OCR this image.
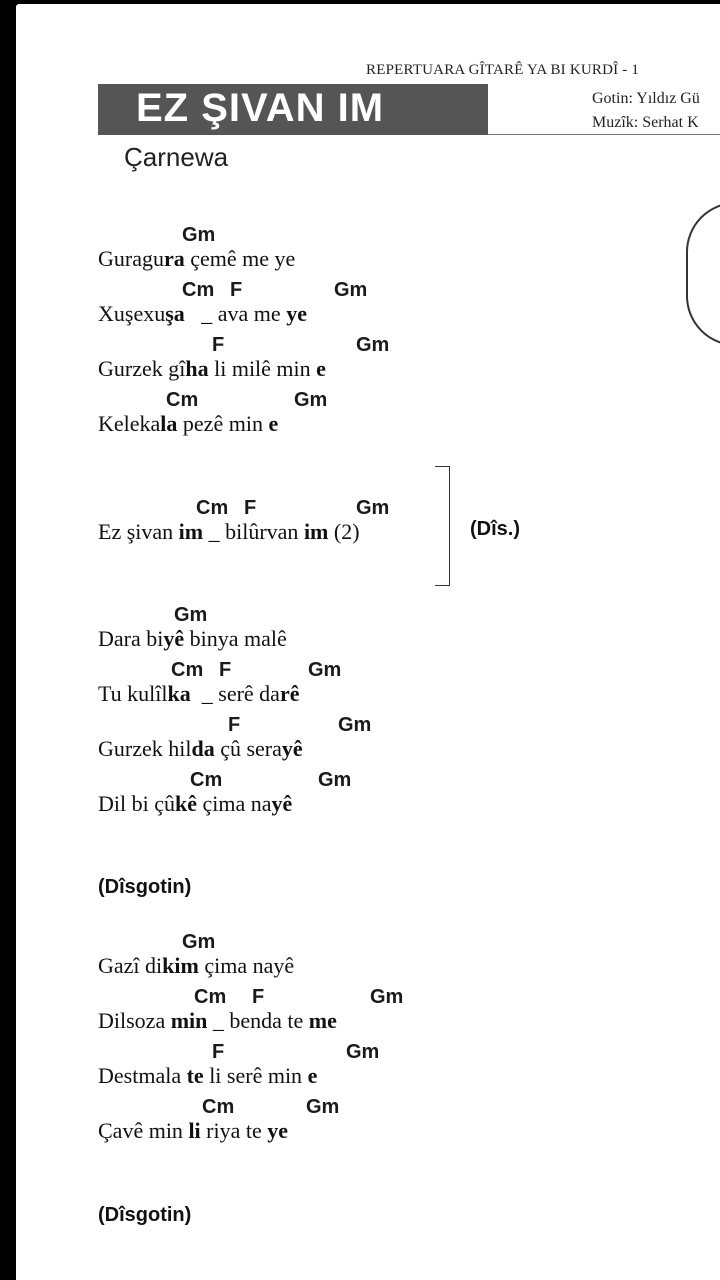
REPERTUARA GÎTARÊ YA BI KURDÎ - 1
EZ ŞIVAN IM	Gotin: Yıldız Gü
Muzîk: Serhat K
Çarnewa
Gm
Guragura çemê me ye
Cm F	Gm
Xuşexuşa   _ ava me ye
F	Gm
Gurzek gîha li milê min e
Cm	Gm
Kelekala pezê min e
Cm F	Gm
Ez şivan im _ bilûrvan im (2)	(Dîs.)
Gm
Dara biyê binya malê
Cm F	Gm
Tu kulîlka  _ serê darê
F	Gm
Gurzek hilda çû serayê
Cm	Gm
Dil bi çûkê çima nayê
(Dîsgotin)
Gm
Gazî dikim çima nayê
Cm F	Gm
Dilsoza min _ benda te me
F	Gm
Destmala te li serê min e
Cm	Gm
Çavê min li riya te ye
(Dîsgotin)
